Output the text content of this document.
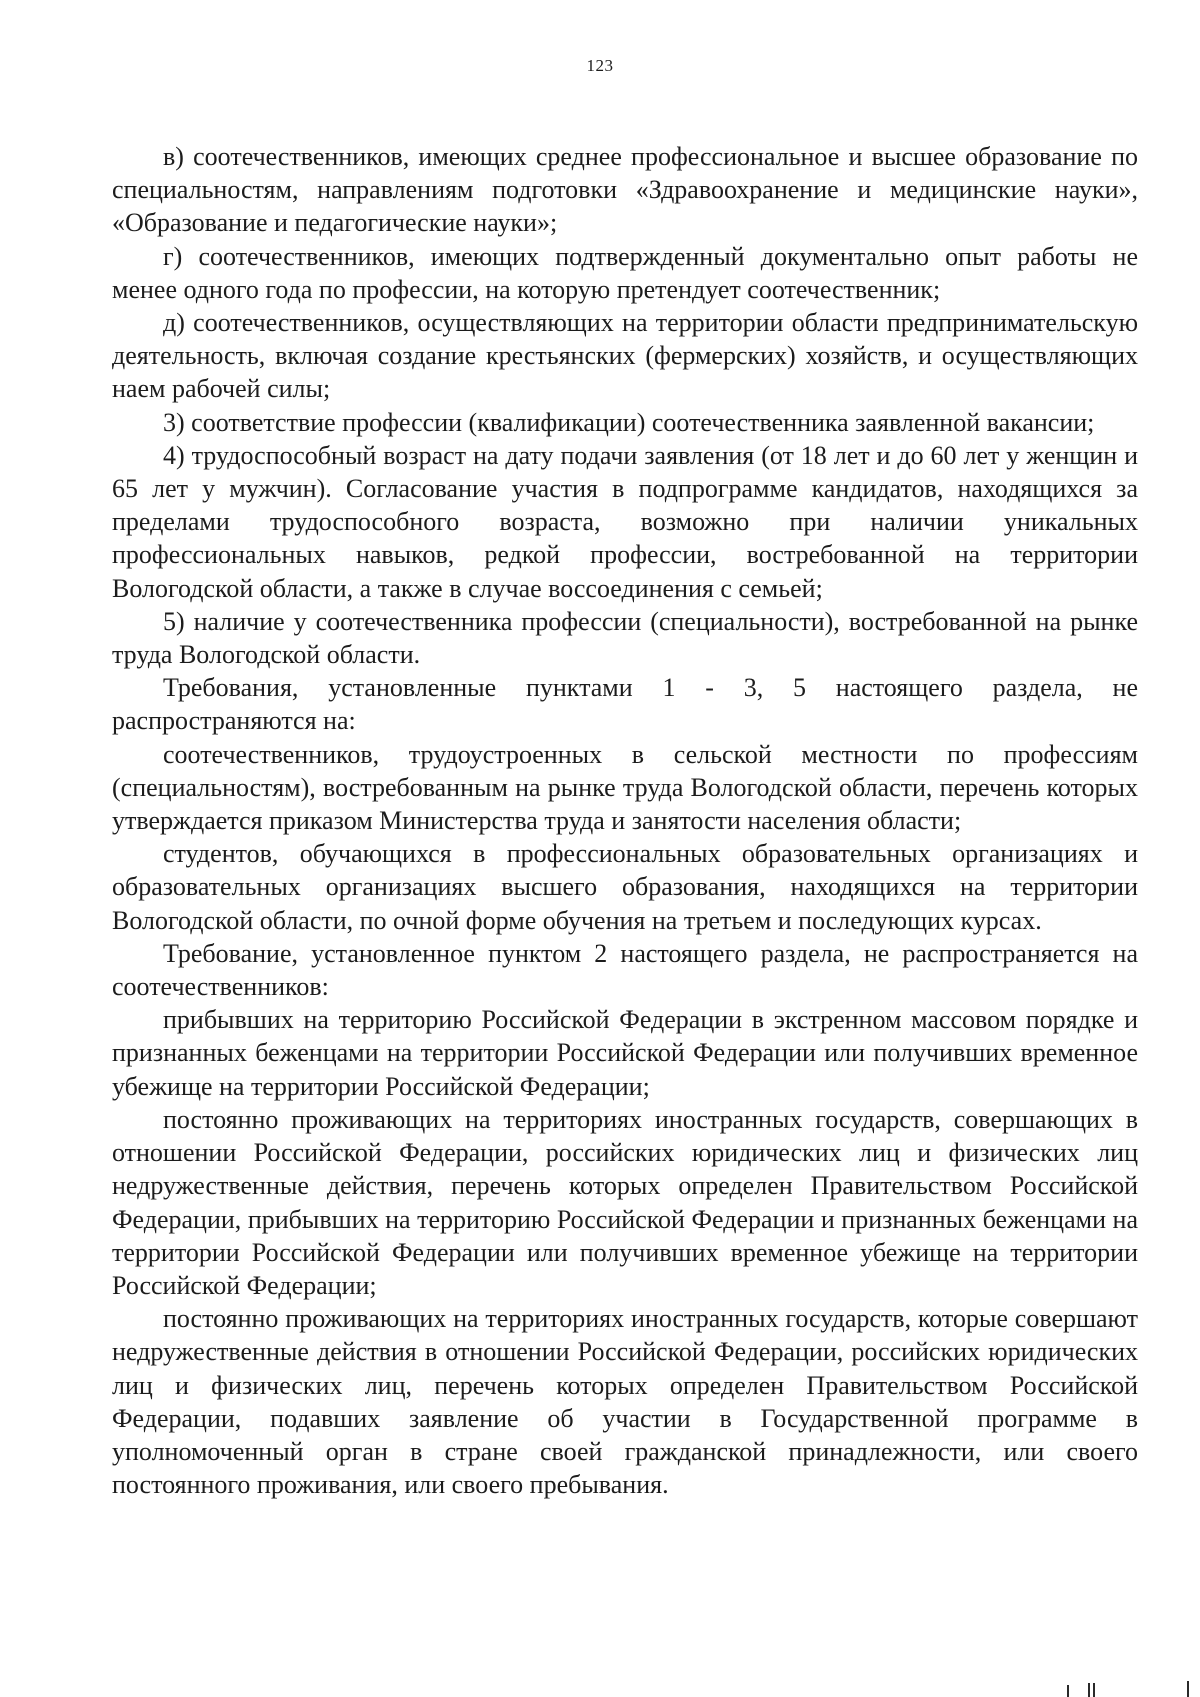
123

в) соотечественников, имеющих среднее профессиональное и высшее образование по специальностям, направлениям подготовки «Здравоохранение и медицинские науки», «Образование и педагогические науки»;

г) соотечественников, имеющих подтвержденный документально опыт работы не менее одного года по профессии, на которую претендует соотечественник;

д) соотечественников, осуществляющих на территории области предпринимательскую деятельность, включая создание крестьянских (фермерских) хозяйств, и осуществляющих наем рабочей силы;

3) соответствие профессии (квалификации) соотечественника заявленной вакансии;

4) трудоспособный возраст на дату подачи заявления (от 18 лет и до 60 лет у женщин и 65 лет у мужчин). Согласование участия в подпрограмме кандидатов, находящихся за пределами трудоспособного возраста, возможно при наличии уникальных профессиональных навыков, редкой профессии, востребованной на территории Вологодской области, а также в случае воссоединения с семьей;

5) наличие у соотечественника профессии (специальности), востребованной на рынке труда Вологодской области.

Требования, установленные пунктами 1 - 3, 5 настоящего раздела, не распространяются на:

соотечественников, трудоустроенных в сельской местности по профессиям (специальностям), востребованным на рынке труда Вологодской области, перечень которых утверждается приказом Министерства труда и занятости населения области;

студентов, обучающихся в профессиональных образовательных организациях и образовательных организациях высшего образования, находящихся на территории Вологодской области, по очной форме обучения на третьем и последующих курсах.

Требование, установленное пунктом 2 настоящего раздела, не распространяется на соотечественников:

прибывших на территорию Российской Федерации в экстренном массовом порядке и признанных беженцами на территории Российской Федерации или получивших временное убежище на территории Российской Федерации;

постоянно проживающих на территориях иностранных государств, совершающих в отношении Российской Федерации, российских юридических лиц и физических лиц недружественные действия, перечень которых определен Правительством Российской Федерации, прибывших на территорию Российской Федерации и признанных беженцами на территории Российской Федерации или получивших временное убежище на территории Российской Федерации;

постоянно проживающих на территориях иностранных государств, которые совершают недружественные действия в отношении Российской Федерации, российских юридических лиц и физических лиц, перечень которых определен Правительством Российской Федерации, подавших заявление об участии в Государственной программе в уполномоченный орган в стране своей гражданской принадлежности, или своего постоянного проживания, или своего пребывания.
